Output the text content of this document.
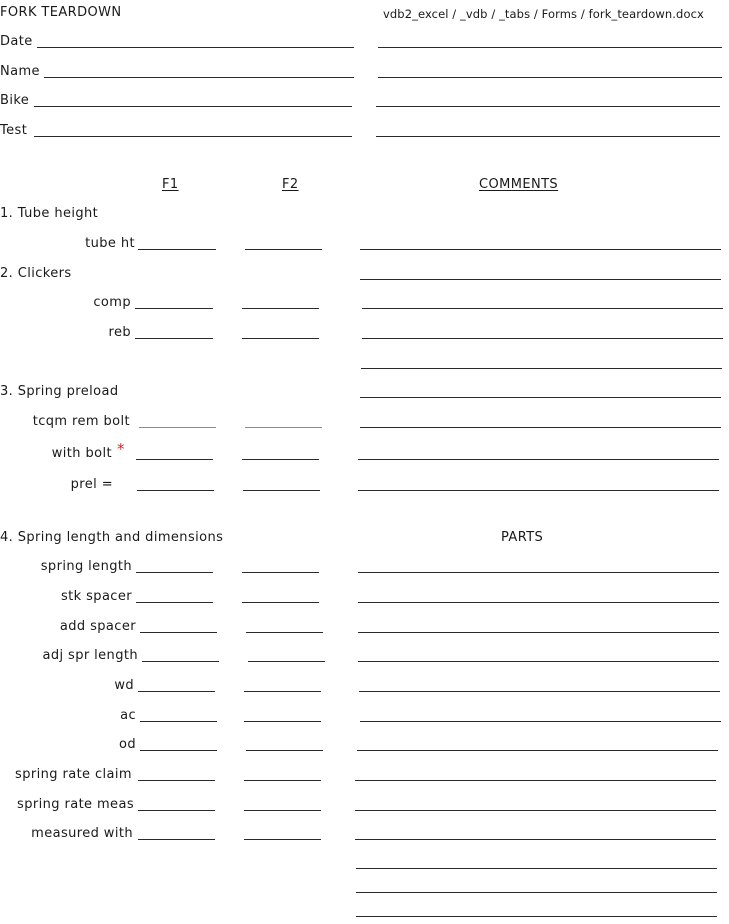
FORK TEARDOWN	vdb2_excel / _vdb / _tabs / Forms / fork_teardown.docx
Date
Name
Bike
Test
F1	F2	COMMENTS
1. Tube height
tube ht
2. Clickers
comp
reb
3. Spring preload
tcqm rem bolt
with bolt *
prel =
4. Spring length and dimensions	PARTS
spring length
stk spacer
add spacer
adj spr length
wd
ac
od
spring rate claim
spring rate meas
measured with
